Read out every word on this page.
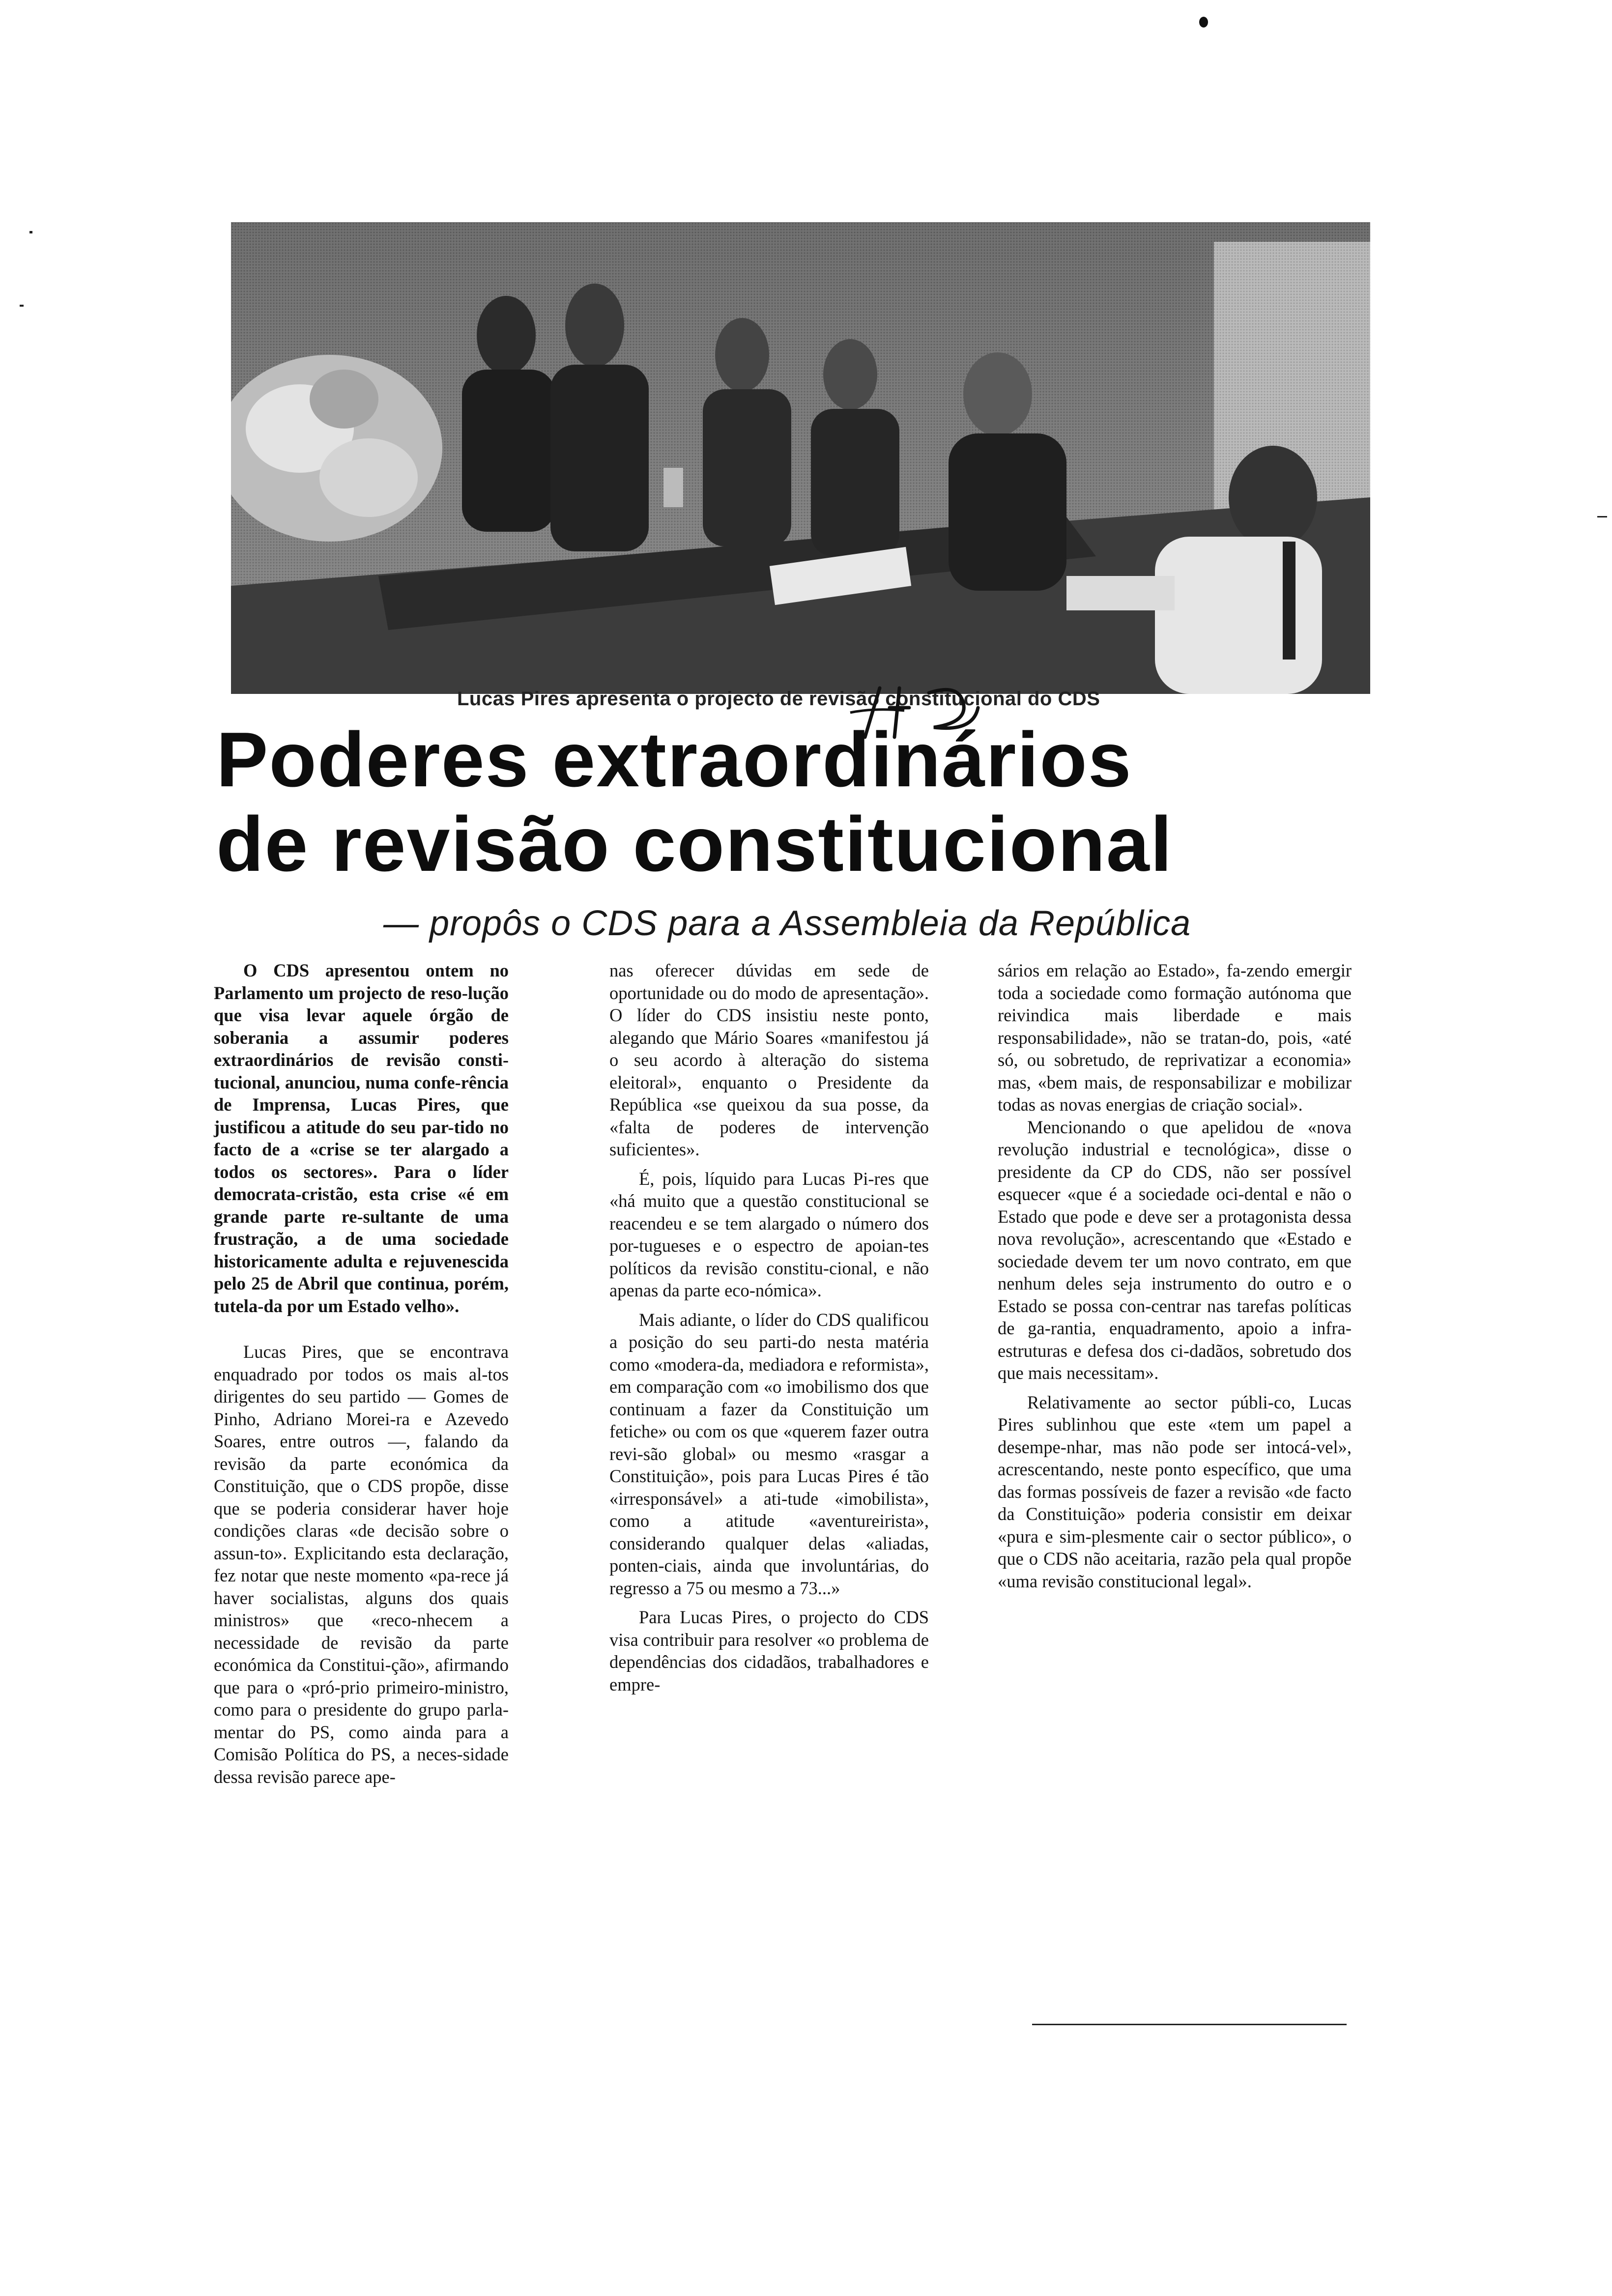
Lucas Pires apresenta o projecto de revisão constitucional do CDS
Poderes extraordinários
de revisão constitucional
— propôs o CDS para a Assembleia da República

O CDS apresentou ontem no Parlamento um projecto de reso-lução que visa levar aquele órgão de soberania a assumir poderes extraordinários de revisão consti-tucional, anunciou, numa confe-rência de Imprensa, Lucas Pires, que justificou a atitude do seu par-tido no facto de a «crise se ter alargado a todos os sectores». Para o líder democrata-cristão, esta crise «é em grande parte re-sultante de uma frustração, a de uma sociedade historicamente adulta e rejuvenescida pelo 25 de Abril que continua, porém, tutela-da por um Estado velho».

Lucas Pires, que se encontrava enquadrado por todos os mais al-tos dirigentes do seu partido — Gomes de Pinho, Adriano Morei-ra e Azevedo Soares, entre outros —, falando da revisão da parte económica da Constituição, que o CDS propõe, disse que se poderia considerar haver hoje condições claras «de decisão sobre o assun-to». Explicitando esta declaração, fez notar que neste momento «pa-rece já haver socialistas, alguns dos quais ministros» que «reco-nhecem a necessidade de revisão da parte económica da Constitui-ção», afirmando que para o «pró-prio primeiro-ministro, como para o presidente do grupo parla-mentar do PS, como ainda para a Comisão Política do PS, a neces-sidade dessa revisão parece ape-

nas oferecer dúvidas em sede de oportunidade ou do modo de apresentação». O líder do CDS insistiu neste ponto, alegando que Mário Soares «manifestou já o seu acordo à alteração do sistema eleitoral», enquanto o Presidente da República «se queixou da sua posse, da «falta de poderes de intervenção suficientes».

É, pois, líquido para Lucas Pi-res que «há muito que a questão constitucional se reacendeu e se tem alargado o número dos por-tugueses e o espectro de apoian-tes políticos da revisão constitu-cional, e não apenas da parte eco-nómica».

Mais adiante, o líder do CDS qualificou a posição do seu parti-do nesta matéria como «modera-da, mediadora e reformista», em comparação com «o imobilismo dos que continuam a fazer da Constituição um fetiche» ou com os que «querem fazer outra revi-são global» ou mesmo «rasgar a Constituição», pois para Lucas Pires é tão «irresponsável» a ati-tude «imobilista», como a atitude «aventureirista», considerando qualquer delas «aliadas, ponten-ciais, ainda que involuntárias, do regresso a 75 ou mesmo a 73...»

Para Lucas Pires, o projecto do CDS visa contribuir para resolver «o problema de dependências dos cidadãos, trabalhadores e empre-

sários em relação ao Estado», fa-zendo emergir toda a sociedade como formação autónoma que reivindica mais liberdade e mais responsabilidade», não se tratan-do, pois, «até só, ou sobretudo, de reprivatizar a economia» mas, «bem mais, de responsabilizar e mobilizar todas as novas energias de criação social».

Mencionando o que apelidou de «nova revolução industrial e tecnológica», disse o presidente da CP do CDS, não ser possível esquecer «que é a sociedade oci-dental e não o Estado que pode e deve ser a protagonista dessa nova revolução», acrescentando que «Estado e sociedade devem ter um novo contrato, em que nenhum deles seja instrumento do outro e o Estado se possa con-centrar nas tarefas políticas de ga-rantia, enquadramento, apoio a infra-estruturas e defesa dos ci-dadãos, sobretudo dos que mais necessitam».

Relativamente ao sector públi-co, Lucas Pires sublinhou que este «tem um papel a desempe-nhar, mas não pode ser intocá-vel», acrescentando, neste ponto específico, que uma das formas possíveis de fazer a revisão «de facto da Constituição» poderia consistir em deixar «pura e sim-plesmente cair o sector público», o que o CDS não aceitaria, razão pela qual propõe «uma revisão constitucional legal».
